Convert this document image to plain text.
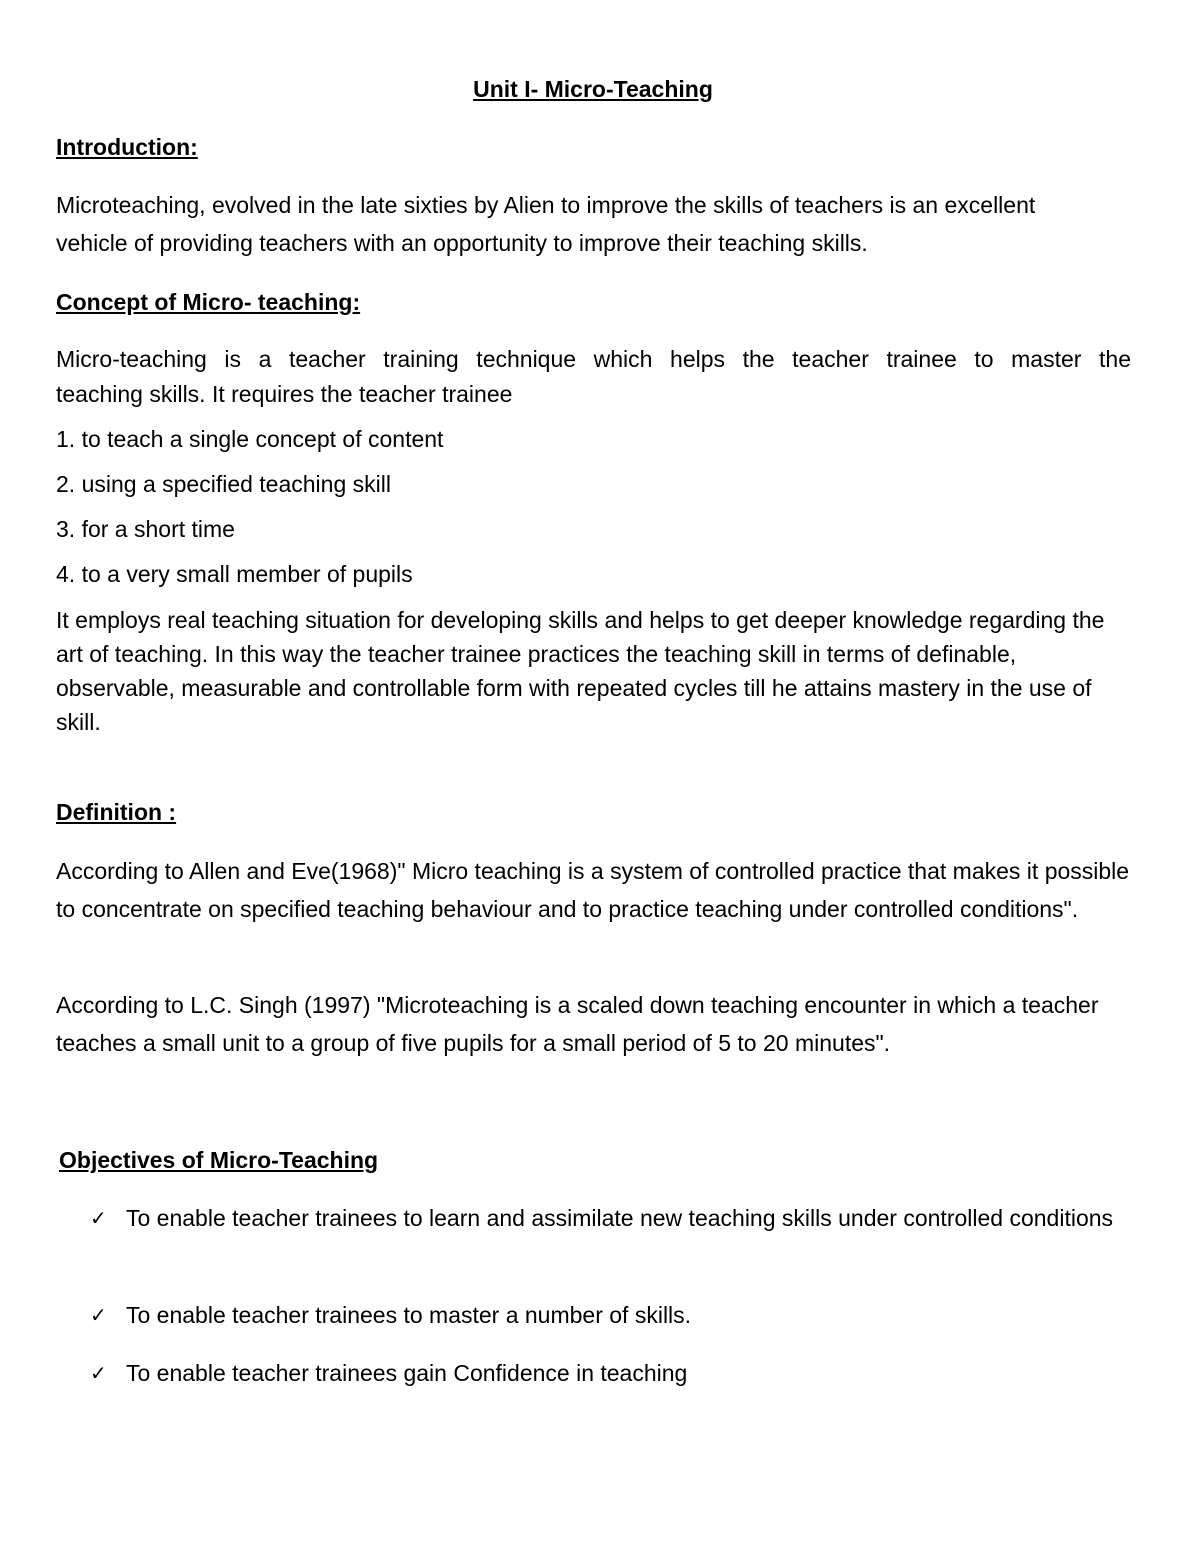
Unit I- Micro-Teaching
Introduction:

Microteaching, evolved in the late sixties by Alien to improve the skills of teachers is an excellent vehicle of providing teachers with an opportunity to improve their teaching skills.

Concept of Micro- teaching:
Micro-teaching is a teacher training technique which helps the teacher trainee to master the
teaching skills. It requires the teacher trainee
1. to teach a single concept of content
2. using a specified teaching skill
3. for a short time
4. to a very small member of pupils

It employs real teaching situation for developing skills and helps to get deeper knowledge regarding the art of teaching. In this way the teacher trainee practices the teaching skill in terms of definable, observable, measurable and controllable form with repeated cycles till he attains mastery in the use of skill.

Definition :

According to Allen and Eve(1968)" Micro teaching is a system of controlled practice that makes it possible to concentrate on specified teaching behaviour and to practice teaching under controlled conditions".

According to L.C. Singh (1997) "Microteaching is a scaled down teaching encounter in which a teacher teaches a small unit to a group of five pupils for a small period of 5 to 20 minutes".

Objectives of Micro-Teaching
✓ To enable teacher trainees to learn and assimilate new teaching skills under controlled conditions
✓ To enable teacher trainees to master a number of skills.
✓ To enable teacher trainees gain Confidence in teaching
